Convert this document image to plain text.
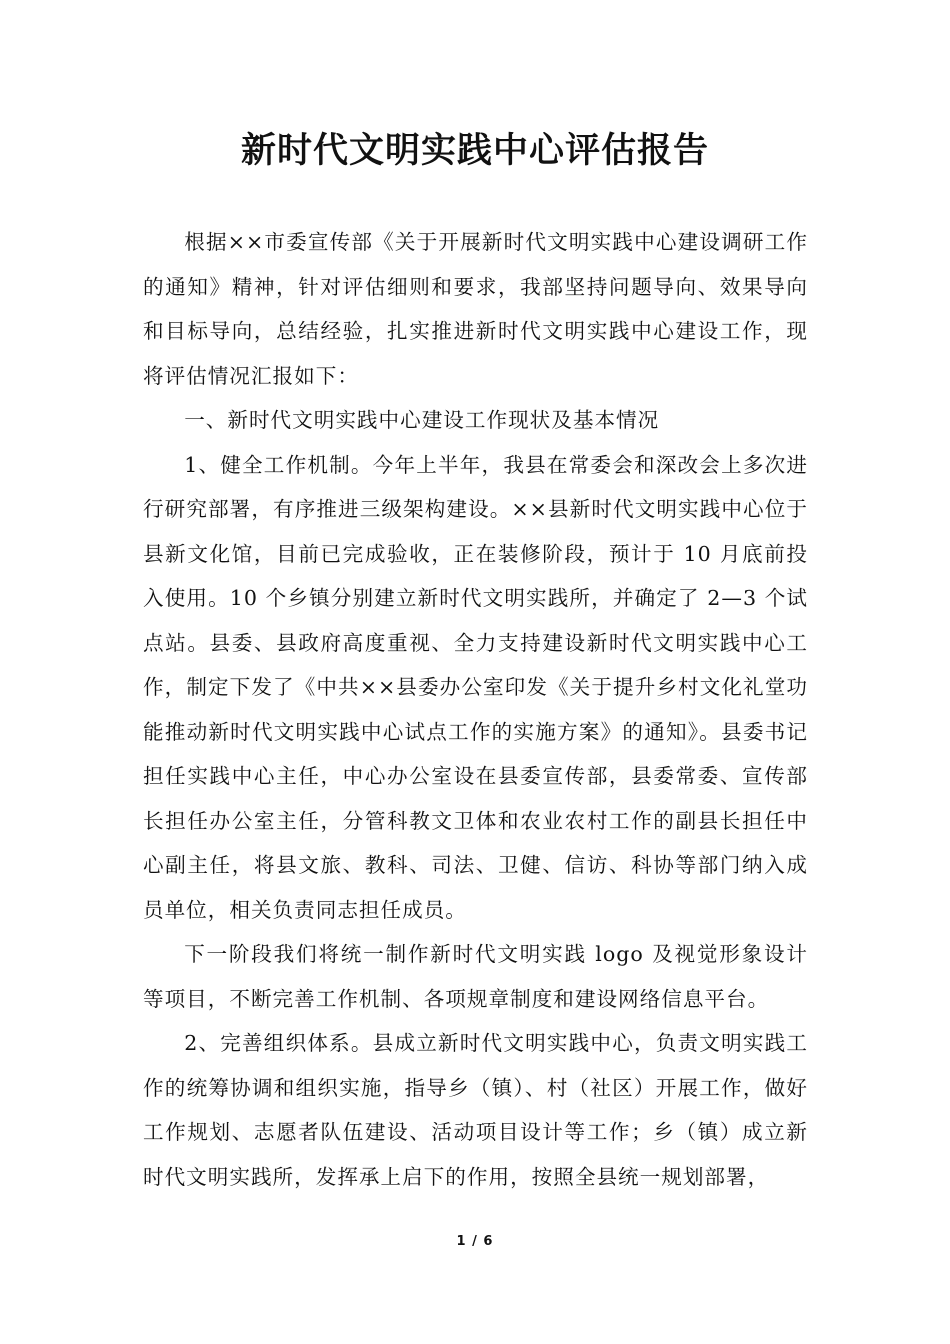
新时代文明实践中心评估报告

根据××市委宣传部《关于开展新时代文明实践中心建设调研工作的通知》精神，针对评估细则和要求，我部坚持问题导向、效果导向和目标导向，总结经验，扎实推进新时代文明实践中心建设工作，现将评估情况汇报如下：

一、新时代文明实践中心建设工作现状及基本情况

1、健全工作机制。今年上半年，我县在常委会和深改会上多次进行研究部署，有序推进三级架构建设。××县新时代文明实践中心位于县新文化馆，目前已完成验收，正在装修阶段，预计于 10 月底前投入使用。10 个乡镇分别建立新时代文明实践所，并确定了 2—3 个试点站。县委、县政府高度重视、全力支持建设新时代文明实践中心工作，制定下发了《中共××县委办公室印发《关于提升乡村文化礼堂功能推动新时代文明实践中心试点工作的实施方案》的通知》。县委书记担任实践中心主任，中心办公室设在县委宣传部，县委常委、宣传部长担任办公室主任，分管科教文卫体和农业农村工作的副县长担任中心副主任，将县文旅、教科、司法、卫健、信访、科协等部门纳入成员单位，相关负责同志担任成员。

下一阶段我们将统一制作新时代文明实践 logo 及视觉形象设计等项目，不断完善工作机制、各项规章制度和建设网络信息平台。

2、完善组织体系。县成立新时代文明实践中心，负责文明实践工作的统筹协调和组织实施，指导乡（镇）、村（社区）开展工作，做好工作规划、志愿者队伍建设、活动项目设计等工作；乡（镇）成立新时代文明实践所，发挥承上启下的作用，按照全县统一规划部署，

1 / 6
